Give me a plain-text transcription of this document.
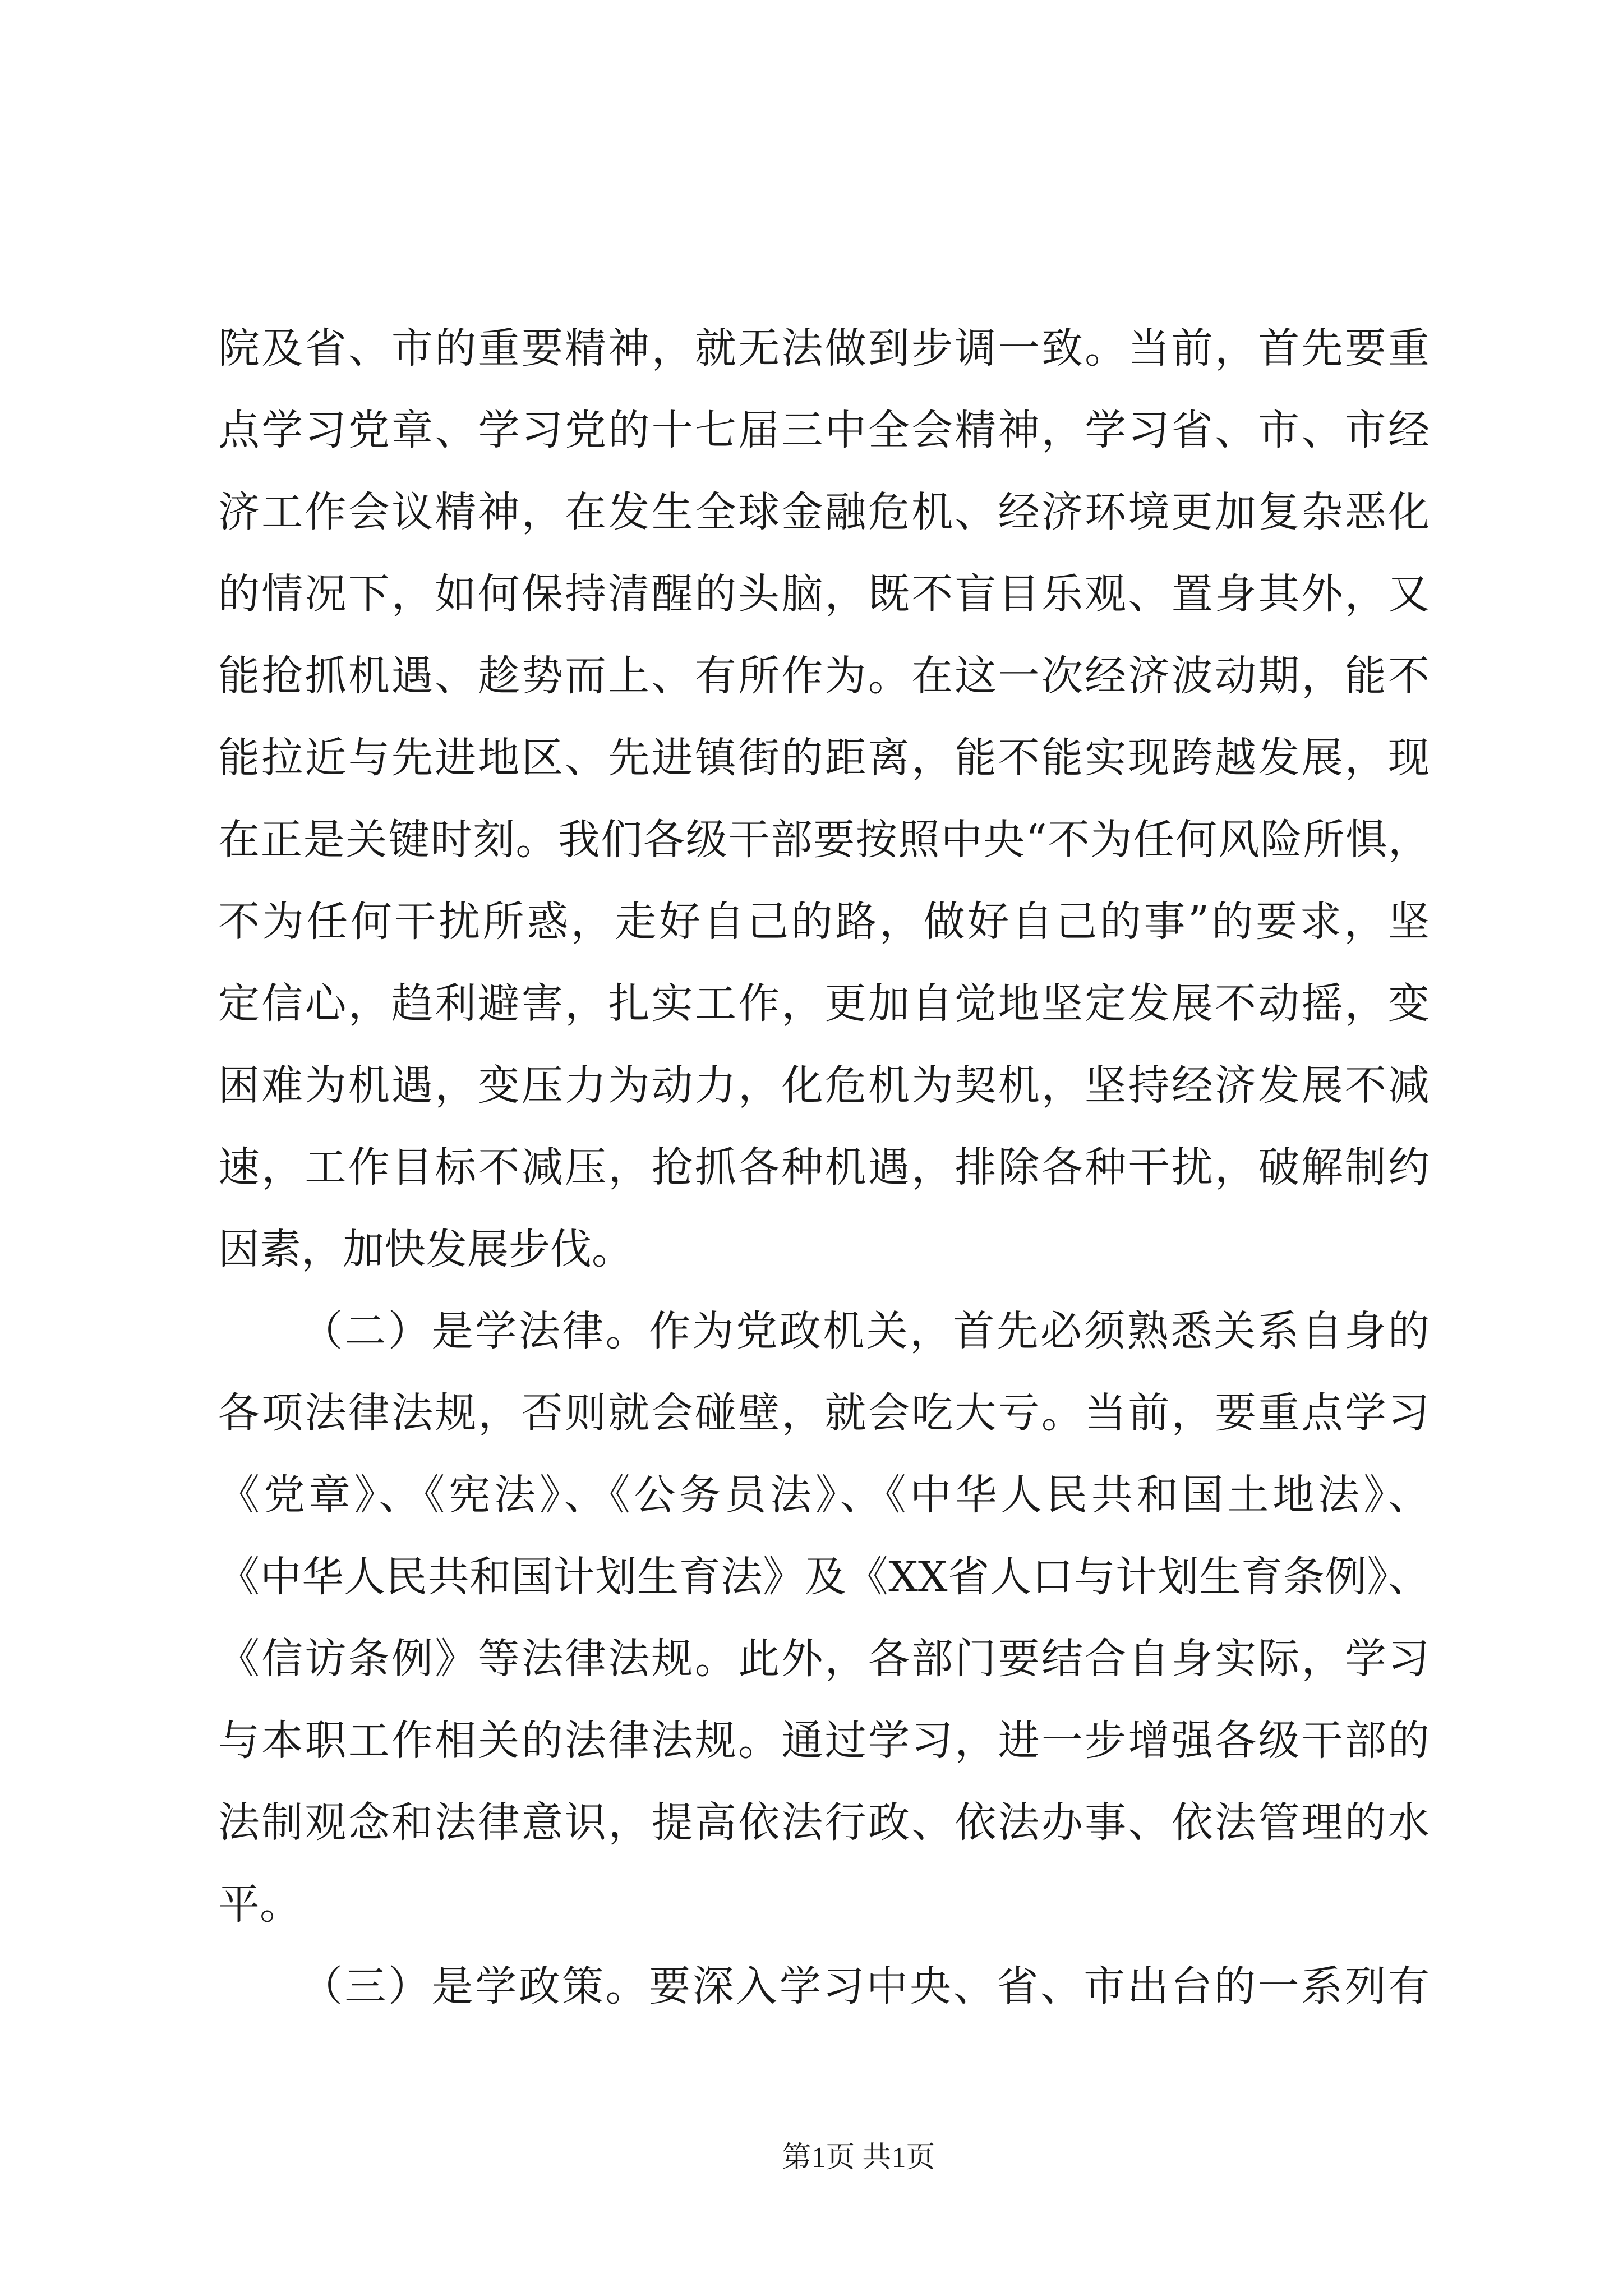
院及省、市的重要精神，就无法做到步调一致。当前，首先要重
点学习党章、学习党的十七届三中全会精神，学习省、市、市经
济工作会议精神，在发生全球金融危机、经济环境更加复杂恶化
的情况下，如何保持清醒的头脑，既不盲目乐观、置身其外，又
能抢抓机遇、趁势而上、有所作为。在这一次经济波动期，能不
能拉近与先进地区、先进镇街的距离，能不能实现跨越发展，现
在正是关键时刻。我们各级干部要按照中央“不为任何风险所惧，
不为任何干扰所惑，走好自己的路，做好自己的事”的要求，坚
定信心，趋利避害，扎实工作，更加自觉地坚定发展不动摇，变
困难为机遇，变压力为动力，化危机为契机，坚持经济发展不减
速，工作目标不减压，抢抓各种机遇，排除各种干扰，破解制约
因素，加快发展步伐。
（二）是学法律。作为党政机关，首先必须熟悉关系自身的
各项法律法规，否则就会碰壁，就会吃大亏。当前，要重点学习
《党章》、《宪法》、《公务员法》、《中华人民共和国土地法》、
《中华人民共和国计划生育法》及《XX省人口与计划生育条例》、
《信访条例》等法律法规。此外，各部门要结合自身实际，学习
与本职工作相关的法律法规。通过学习，进一步增强各级干部的
法制观念和法律意识，提高依法行政、依法办事、依法管理的水
平。
（三）是学政策。要深入学习中央、省、市出台的一系列有
第1页 共1页
